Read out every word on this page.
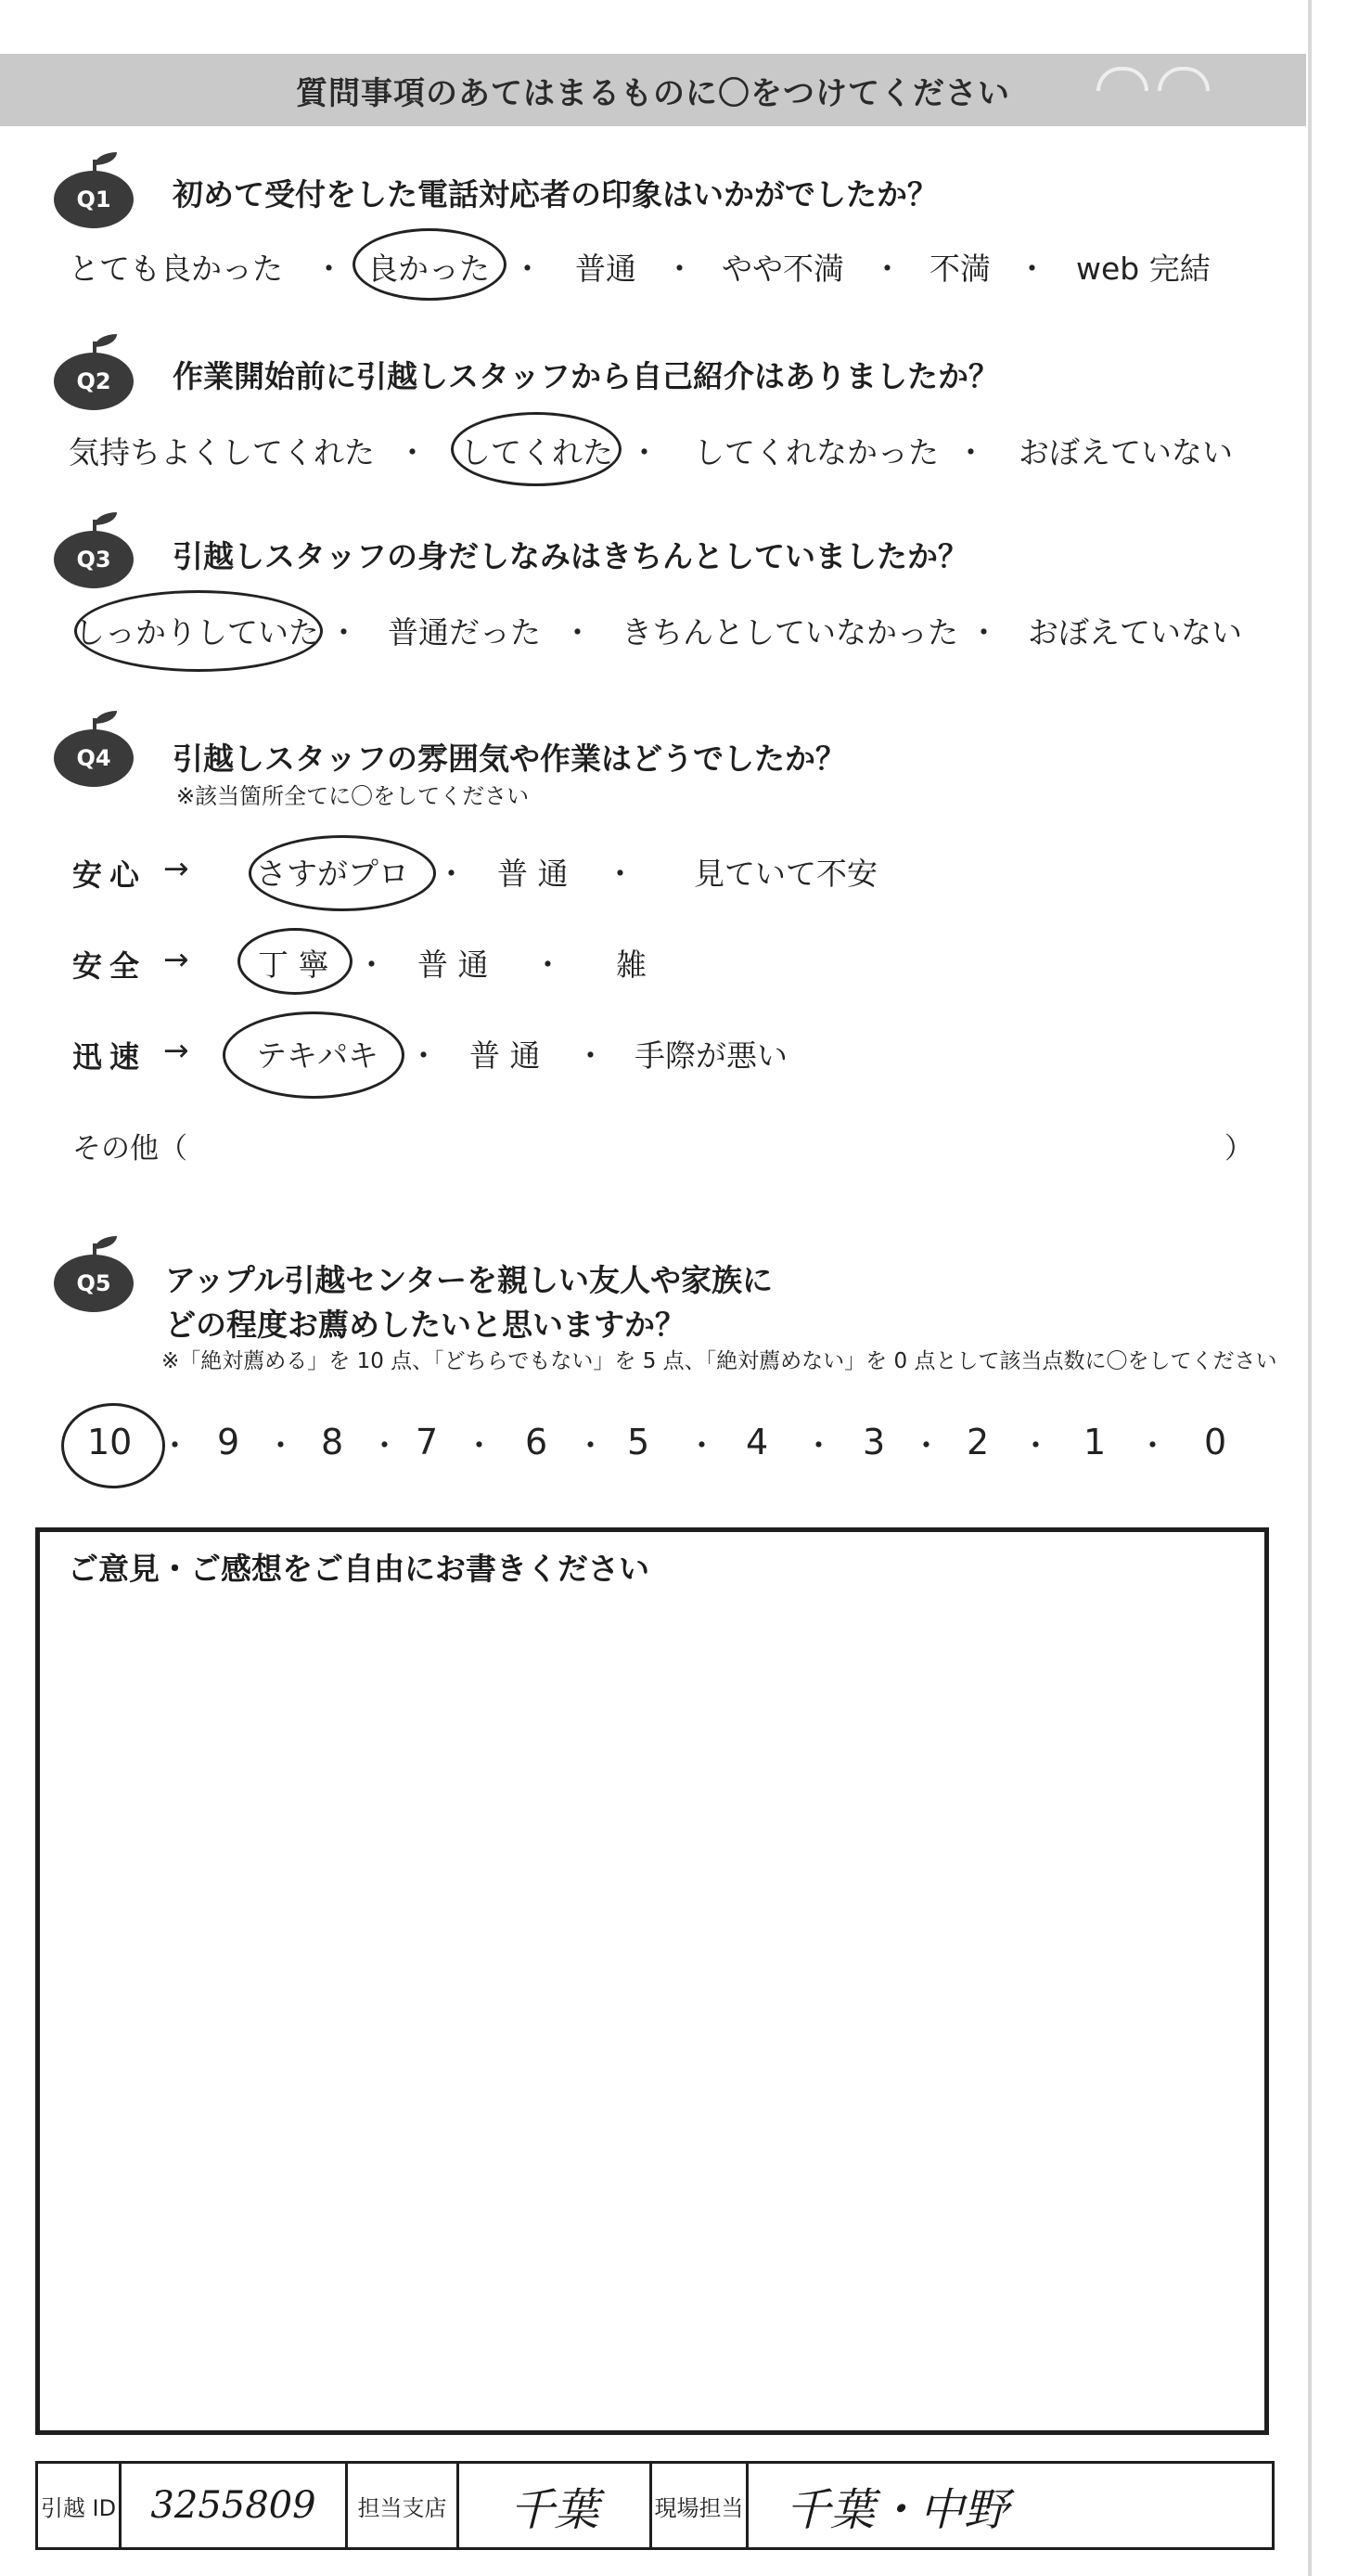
質問事項のあてはまるものに〇をつけてください
Q1 初めて受付をした電話対応者の印象はいかがでしたか？
とても良かった ・ 良かった ・ 普通 ・ やや不満 ・ 不満 ・ web 完結
Q2 作業開始前に引越しスタッフから自己紹介はありましたか？
気持ちよくしてくれた ・ してくれた ・ してくれなかった ・ おぼえていない
Q3 引越しスタッフの身だしなみはきちんとしていましたか？
しっかりしていた ・ 普通だった ・ きちんとしていなかった ・ おぼえていない
Q4 引越しスタッフの雰囲気や作業はどうでしたか？
※該当箇所全てに〇をしてください
安心 → さすがプロ ・ 普 通 ・ 見ていて不安
安全 → 丁 寧 ・ 普 通 ・ 雑
迅速 → テキパキ ・ 普 通 ・ 手際が悪い
その他（	）
Q5 アップル引越センターを親しい友人や家族に
どの程度お薦めしたいと思いますか？
※「絶対薦める」を 10 点、「どちらでもない」を 5 点、「絶対薦めない」を 0 点として該当点数に〇をしてください
10 ・ 9 ・ 8 ・ 7 ・ 6 ・ 5 ・ 4 ・ 3 ・ 2 ・ 1 ・ 0
ご意見・ご感想をご自由にお書きください
引越 ID 3255809	担当支店 千葉	現場担当 千葉・中野
